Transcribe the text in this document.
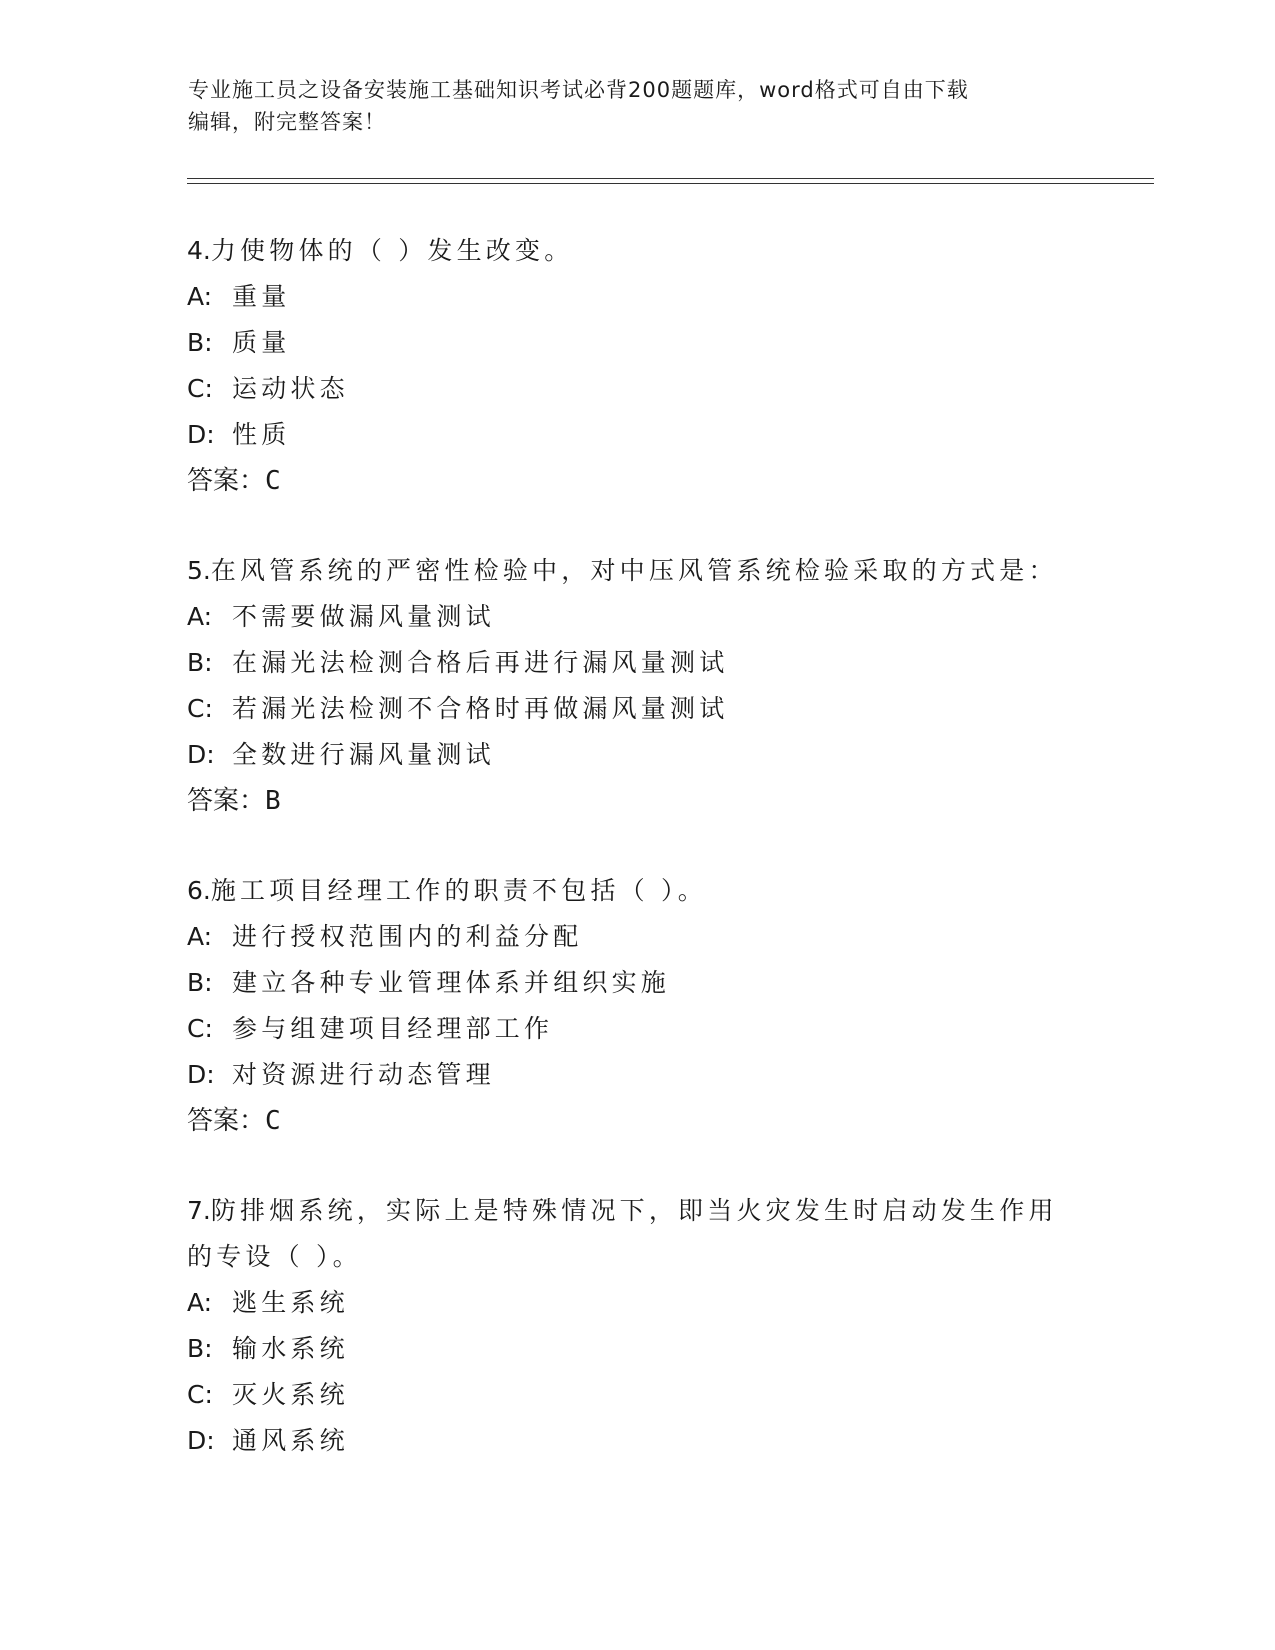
专业施工员之设备安装施工基础知识考试必背200题题库，word格式可自由下载
编辑，附完整答案！
4.力使物体的（ ）发生改变。
A: 重量
B: 质量
C: 运动状态
D: 性质
答案：C
5.在风管系统的严密性检验中，对中压风管系统检验采取的方式是：
A: 不需要做漏风量测试
B: 在漏光法检测合格后再进行漏风量测试
C: 若漏光法检测不合格时再做漏风量测试
D: 全数进行漏风量测试
答案：B
6.施工项目经理工作的职责不包括（ ）。
A: 进行授权范围内的利益分配
B: 建立各种专业管理体系并组织实施
C: 参与组建项目经理部工作
D: 对资源进行动态管理
答案：C
7.防排烟系统，实际上是特殊情况下，即当火灾发生时启动发生作用
的专设（ ）。
A: 逃生系统
B: 输水系统
C: 灭火系统
D: 通风系统
